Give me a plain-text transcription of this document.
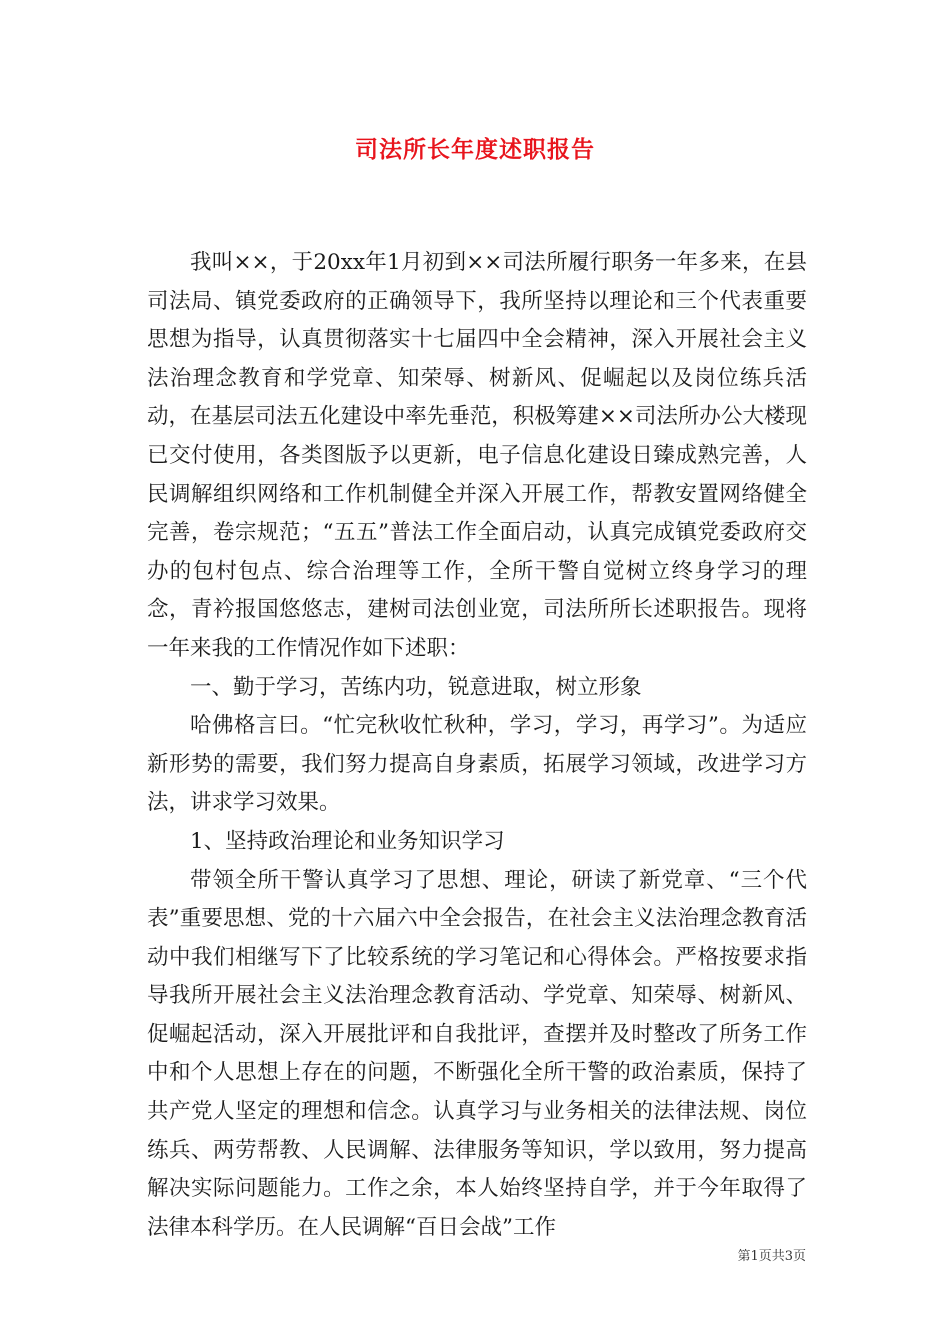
司法所长年度述职报告

我叫××，于20xx年1月初到××司法所履行职务一年多来，在县司法局、镇党委政府的正确领导下，我所坚持以理论和三个代表重要思想为指导，认真贯彻落实十七届四中全会精神，深入开展社会主义法治理念教育和学党章、知荣辱、树新风、促崛起以及岗位练兵活动，在基层司法五化建设中率先垂范，积极筹建××司法所办公大楼现已交付使用，各类图版予以更新，电子信息化建设日臻成熟完善，人民调解组织网络和工作机制健全并深入开展工作，帮教安置网络健全完善，卷宗规范；“五五”普法工作全面启动，认真完成镇党委政府交办的包村包点、综合治理等工作，全所干警自觉树立终身学习的理念，青衿报国悠悠志，建树司法创业宽，司法所所长述职报告。现将一年来我的工作情况作如下述职：

一、勤于学习，苦练内功，锐意进取，树立形象

哈佛格言曰。“忙完秋收忙秋种，学习，学习，再学习”。为适应新形势的需要，我们努力提高自身素质，拓展学习领域，改进学习方法，讲求学习效果。

1、坚持政治理论和业务知识学习

带领全所干警认真学习了思想、理论，研读了新党章、“三个代表”重要思想、党的十六届六中全会报告，在社会主义法治理念教育活动中我们相继写下了比较系统的学习笔记和心得体会。严格按要求指导我所开展社会主义法治理念教育活动、学党章、知荣辱、树新风、促崛起活动，深入开展批评和自我批评，查摆并及时整改了所务工作中和个人思想上存在的问题，不断强化全所干警的政治素质，保持了共产党人坚定的理想和信念。认真学习与业务相关的法律法规、岗位练兵、两劳帮教、人民调解、法律服务等知识，学以致用，努力提高解决实际问题能力。工作之余，本人始终坚持自学，并于今年取得了法律本科学历。在人民调解“百日会战”工作

第1页共3页
